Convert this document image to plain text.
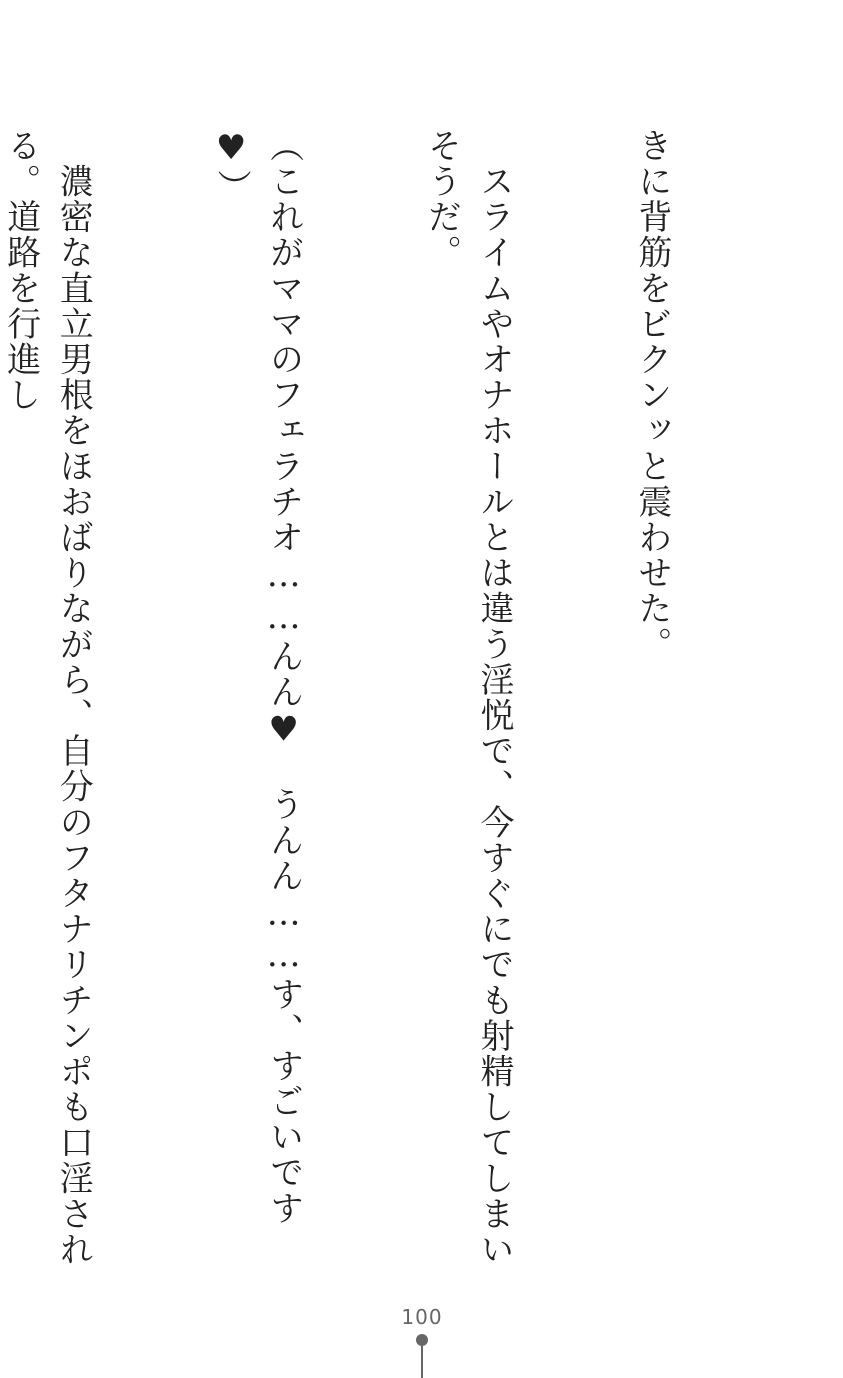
きに背筋をビクンッと震わせた。

　スライムやオナホールとは違う淫悦で、今すぐにでも射精してしまいそうだ。

（これがママのフェラチオ……んん♥　うんん……す、すごいです♥）

　濃密な直立男根をほおばりながら、自分のフタナリチンポも口淫される。道路を行進し

100
